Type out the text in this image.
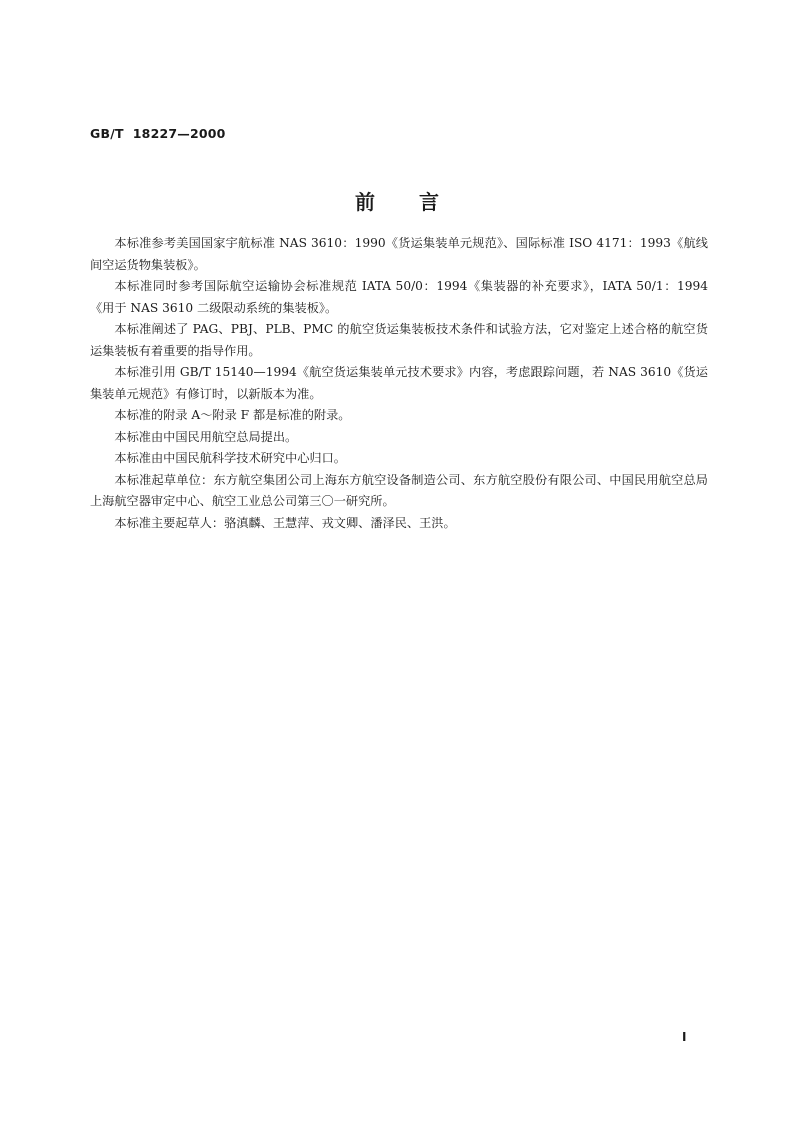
GB/T  18227—2000
前言

本标准参考美国国家宇航标准 NAS 3610：1990《货运集装单元规范》、国际标准 ISO 4171：1993《航线间空运货物集装板》。

本标准同时参考国际航空运输协会标准规范 IATA 50/0：1994《集装器的补充要求》，IATA 50/1：1994《用于 NAS 3610 二级限动系统的集装板》。

本标准阐述了 PAG、PBJ、PLB、PMC 的航空货运集装板技术条件和试验方法，它对鉴定上述合格的航空货运集装板有着重要的指导作用。

本标准引用 GB/T 15140—1994《航空货运集装单元技术要求》内容，考虑跟踪问题，若 NAS 3610《货运集装单元规范》有修订时，以新版本为准。

本标准的附录 A～附录 F 都是标准的附录。

本标准由中国民用航空总局提出。

本标准由中国民航科学技术研究中心归口。

本标准起草单位：东方航空集团公司上海东方航空设备制造公司、东方航空股份有限公司、中国民用航空总局上海航空器审定中心、航空工业总公司第三〇一研究所。

本标准主要起草人：骆滇麟、王慧萍、戎文卿、潘泽民、王洪。

I
